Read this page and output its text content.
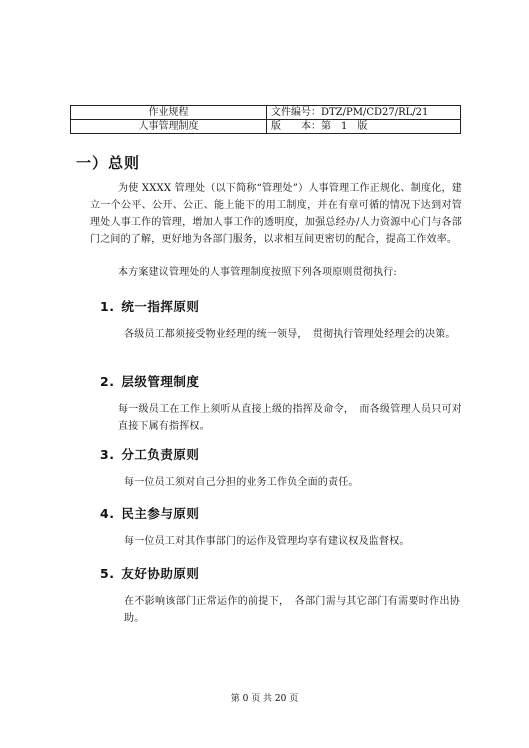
作业规程	文件编号：DTZ/PM/CD27/RL/21
人事管理制度	版　　本：第　1　版
一）总则
为使 XXXX 管理处（以下简称“管理处”）人事管理工作正规化、制度化，建立一个公平、公开、公正、能上能下的用工制度，并在有章可循的情况下达到对管理处人事工作的管理，增加人事工作的透明度，加强总经办/人力资源中心门与各部门之间的了解，更好地为各部门服务，以求相互间更密切的配合，提高工作效率。
本方案建议管理处的人事管理制度按照下列各项原则贯彻执行:
1. 统一指挥原则
各级员工都须接受物业经理的统一领导，　贯彻执行管理处经理会的决策。
2. 层级管理制度
每一级员工在工作上须听从直接上级的指挥及命令，　而各级管理人员只可对直接下属有指挥权。
3. 分工负责原则
每一位员工须对自己分担的业务工作负全面的责任。
4. 民主参与原则
每一位员工对其作事部门的运作及管理均享有建议权及监督权。
5. 友好协助原则
在不影响该部门正常运作的前提下，　各部门需与其它部门有需要时作出协助。
第 0 页 共 20 页
